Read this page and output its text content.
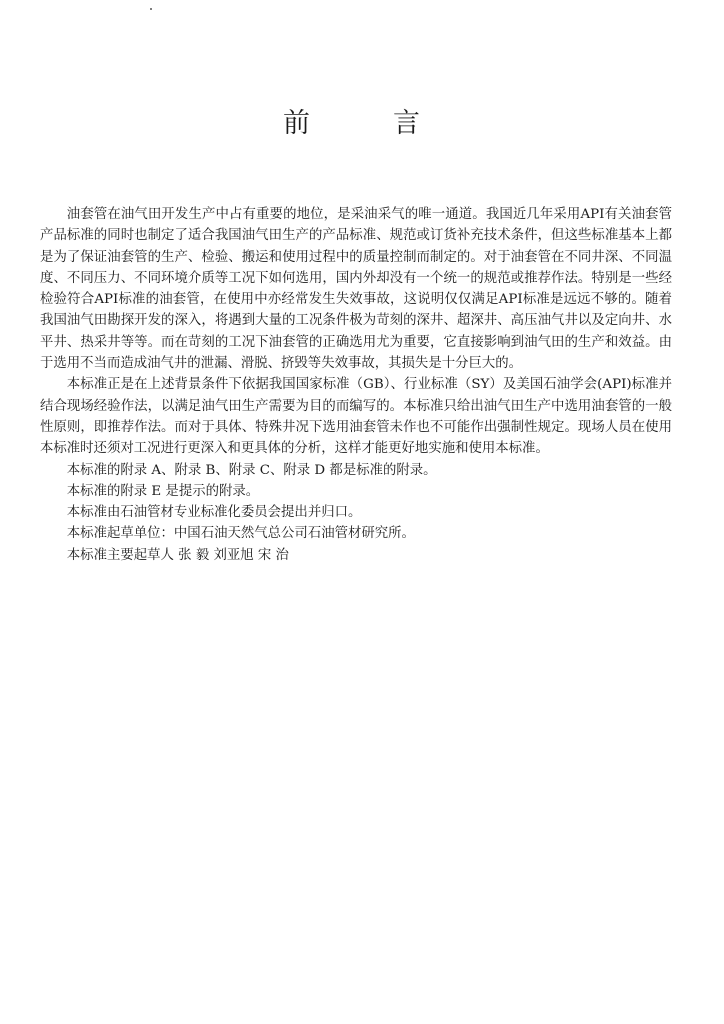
前	言

油套管在油气田开发生产中占有重要的地位，是采油采气的唯一通道。我国近几年采用API有关油套管产品标准的同时也制定了适合我国油气田生产的产品标准、规范或订货补充技术条件，但这些标准基本上都是为了保证油套管的生产、检验、搬运和使用过程中的质量控制而制定的。对于油套管在不同井深、不同温度、不同压力、不同环境介质等工况下如何选用，国内外却没有一个统一的规范或推荐作法。特别是一些经检验符合API标准的油套管，在使用中亦经常发生失效事故，这说明仅仅满足API标准是远远不够的。随着我国油气田勘探开发的深入，将遇到大量的工况条件极为苛刻的深井、超深井、高压油气井以及定向井、水平井、热采井等等。而在苛刻的工况下油套管的正确选用尤为重要，它直接影响到油气田的生产和效益。由于选用不当而造成油气井的泄漏、滑脱、挤毁等失效事故，其损失是十分巨大的。

本标准正是在上述背景条件下依据我国国家标准（GB）、行业标准（SY）及美国石油学会(API)标准并结合现场经验作法，以满足油气田生产需要为目的而编写的。本标准只给出油气田生产中选用油套管的一般性原则，即推荐作法。而对于具体、特殊井况下选用油套管未作也不可能作出强制性规定。现场人员在使用本标准时还须对工况进行更深入和更具体的分析，这样才能更好地实施和使用本标准。

本标准的附录 A、附录 B、附录 C、附录 D 都是标准的附录。

本标准的附录 E 是提示的附录。

本标准由石油管材专业标准化委员会提出并归口。

本标准起草单位：中国石油天然气总公司石油管材研究所。

本标准主要起草人 张 毅 刘亚旭 宋 治
